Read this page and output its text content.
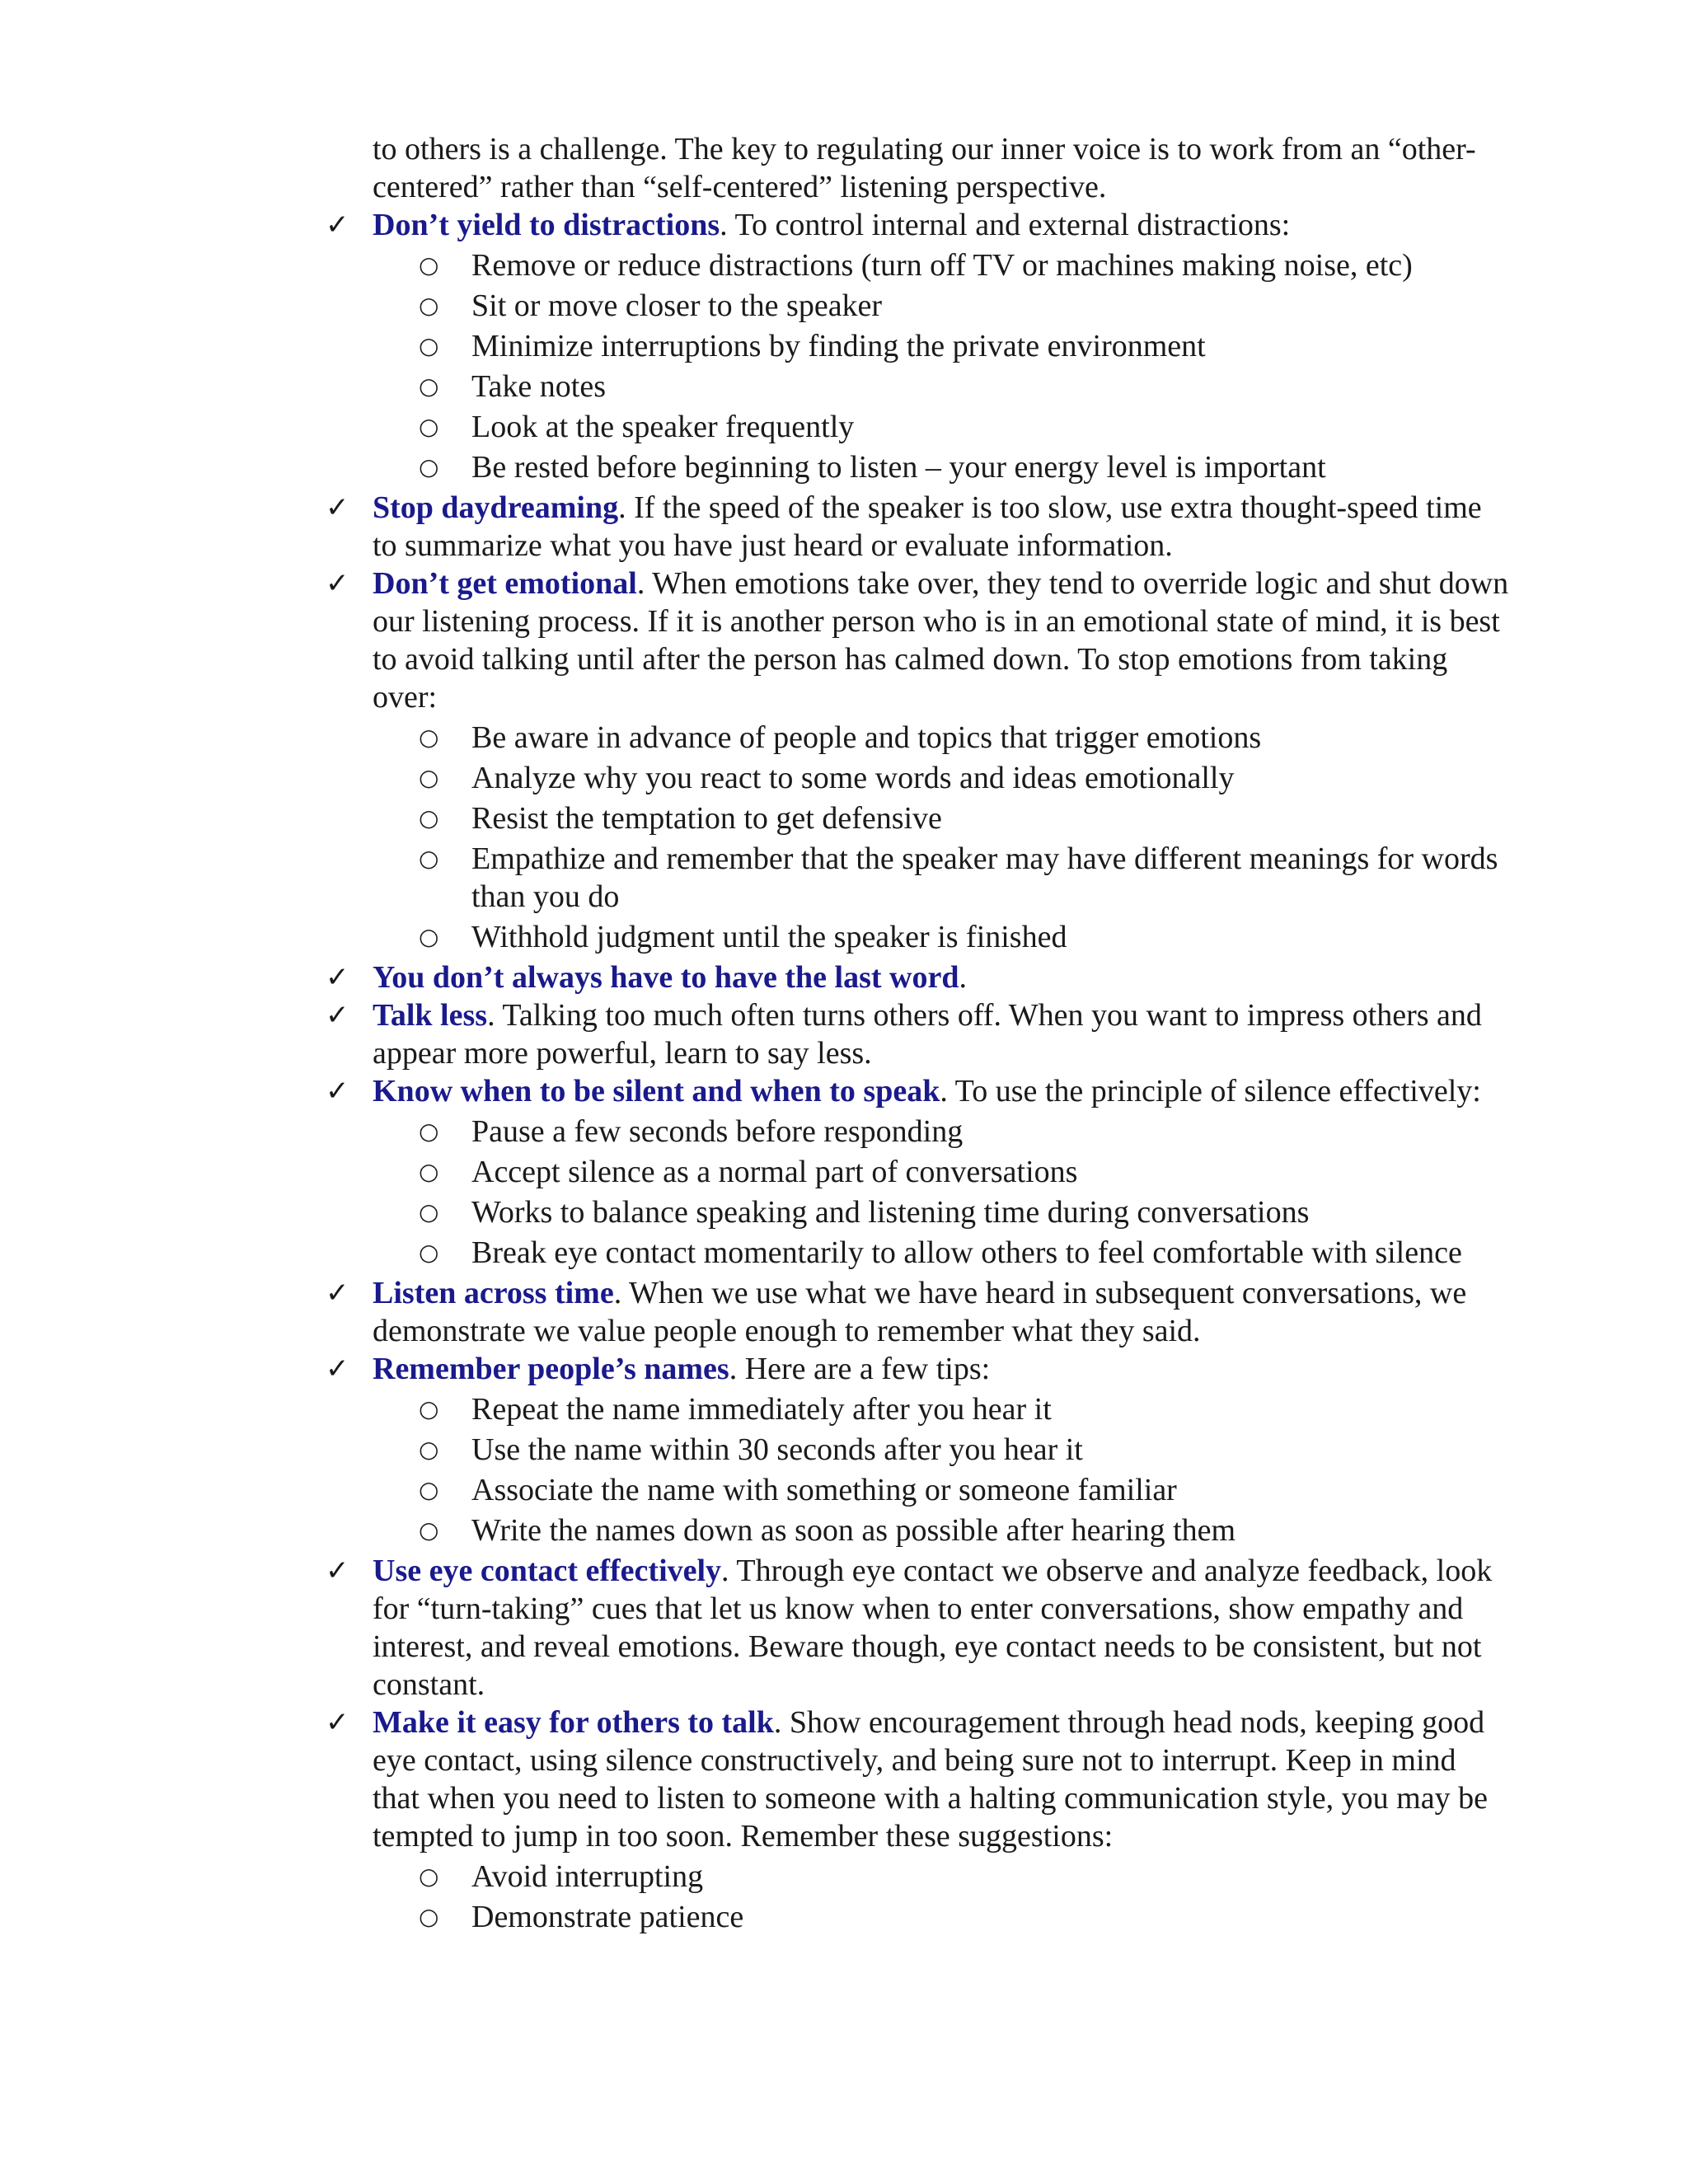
to others is a challenge. The key to regulating our inner voice is to work from an “other-centered” rather than “self-centered” listening perspective.

✓ Don’t yield to distractions. To control internal and external distractions:

○ Remove or reduce distractions (turn off TV or machines making noise, etc)
○ Sit or move closer to the speaker
○ Minimize interruptions by finding the private environment
○ Take notes
○ Look at the speaker frequently
○ Be rested before beginning to listen – your energy level is important
✓ Stop daydreaming. If the speed of the speaker is too slow, use extra thought-speed time to summarize what you have just heard or evaluate information.

✓ Don’t get emotional. When emotions take over, they tend to override logic and shut down our listening process. If it is another person who is in an emotional state of mind, it is best to avoid talking until after the person has calmed down. To stop emotions from taking over:

○ Be aware in advance of people and topics that trigger emotions
○ Analyze why you react to some words and ideas emotionally
○ Resist the temptation to get defensive
○ Empathize and remember that the speaker may have different meanings for words than you do
○ Withhold judgment until the speaker is finished
✓ You don’t always have to have the last word.

✓ Talk less. Talking too much often turns others off. When you want to impress others and appear more powerful, learn to say less.

✓ Know when to be silent and when to speak. To use the principle of silence effectively:

○ Pause a few seconds before responding
○ Accept silence as a normal part of conversations
○ Works to balance speaking and listening time during conversations
○ Break eye contact momentarily to allow others to feel comfortable with silence
✓ Listen across time. When we use what we have heard in subsequent conversations, we demonstrate we value people enough to remember what they said.

✓ Remember people’s names. Here are a few tips:

○ Repeat the name immediately after you hear it
○ Use the name within 30 seconds after you hear it
○ Associate the name with something or someone familiar
○ Write the names down as soon as possible after hearing them
✓ Use eye contact effectively. Through eye contact we observe and analyze feedback, look for “turn-taking” cues that let us know when to enter conversations, show empathy and interest, and reveal emotions. Beware though, eye contact needs to be consistent, but not constant.

✓ Make it easy for others to talk. Show encouragement through head nods, keeping good eye contact, using silence constructively, and being sure not to interrupt. Keep in mind that when you need to listen to someone with a halting communication style, you may be tempted to jump in too soon. Remember these suggestions:

○ Avoid interrupting
○ Demonstrate patience
